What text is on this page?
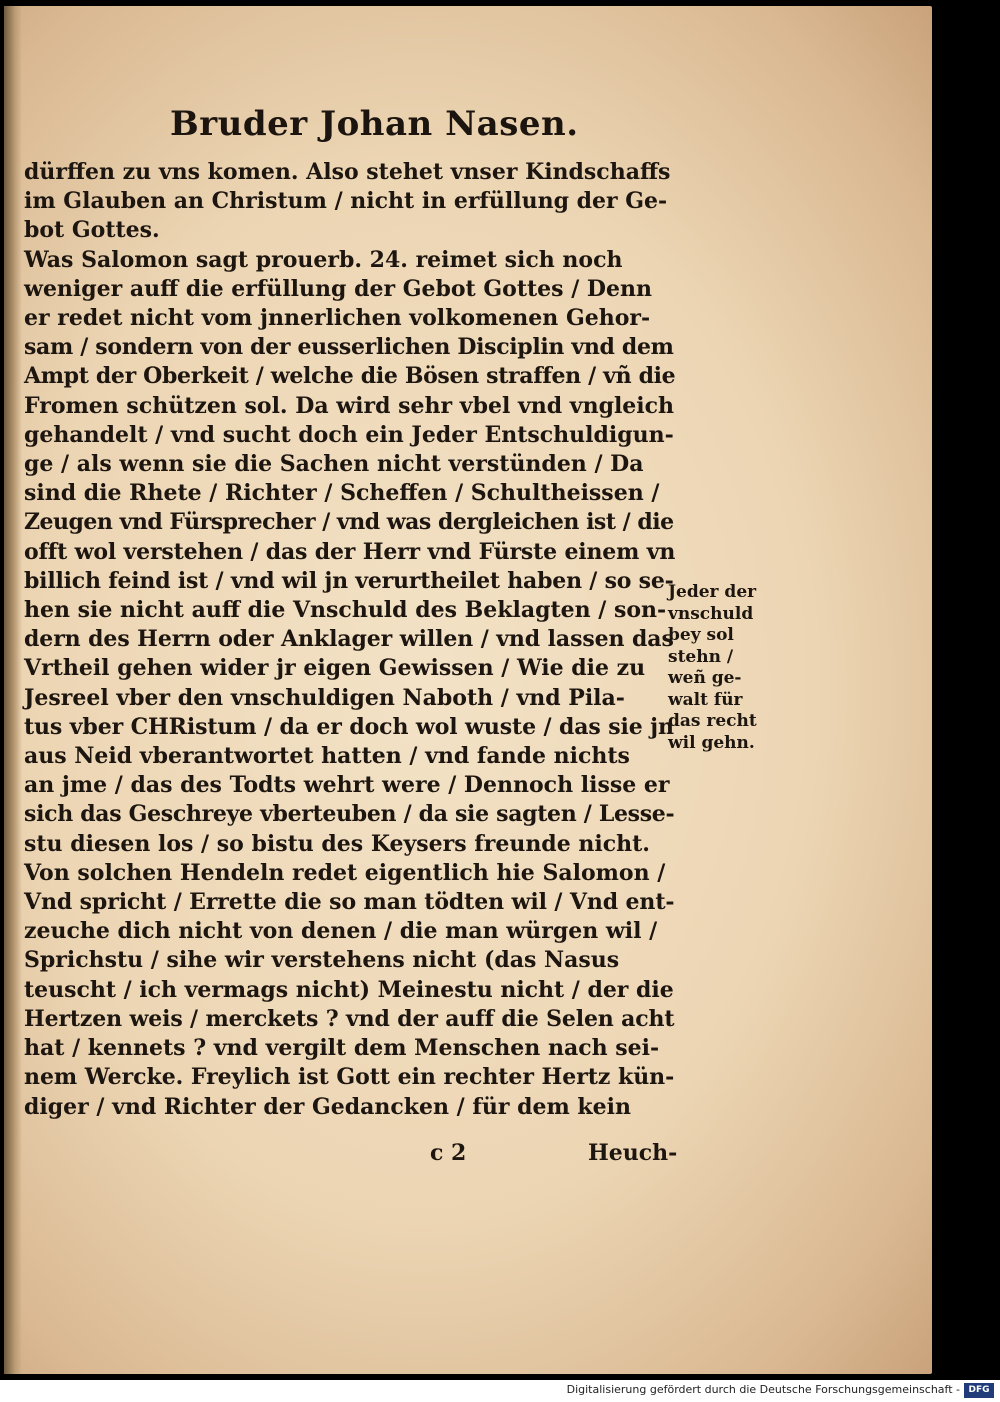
Bruder Johan Nasen.
dürffen zu vns komen. Also stehet vnser Kindschaffs
im Glauben an Christum / nicht in erfüllung der Ge-
bot Gottes.
Was Salomon sagt prouerb. 24. reimet sich noch
weniger auff die erfüllung der Gebot Gottes / Denn
er redet nicht vom jnnerlichen volkomenen Gehor-
sam / sondern von der eusserlichen Disciplin vnd dem
Ampt der Oberkeit / welche die Bösen straffen / vñ die
Fromen schützen sol. Da wird sehr vbel vnd vngleich
gehandelt / vnd sucht doch ein Jeder Entschuldigun-
ge / als wenn sie die Sachen nicht verstünden / Da
sind die Rhete / Richter / Scheffen / Schultheissen /
Zeugen vnd Fürsprecher / vnd was dergleichen ist / die
offt wol verstehen / das der Herr vnd Fürste einem vn
billich feind ist / vnd wil jn verurtheilet haben / so se-
hen sie nicht auff die Vnschuld des Beklagten / son-
dern des Herrn oder Anklager willen / vnd lassen das
Vrtheil gehen wider jr eigen Gewissen / Wie die zu
Jesreel vber den vnschuldigen Naboth / vnd Pila-
tus vber CHRistum / da er doch wol wuste / das sie jn
aus Neid vberantwortet hatten / vnd fande nichts
an jme / das des Todts wehrt were / Dennoch lisse er
sich das Geschreye vberteuben / da sie sagten / Lesse-
stu diesen los / so bistu des Keysers freunde nicht.
Von solchen Hendeln redet eigentlich hie Salomon /
Vnd spricht / Errette die so man tödten wil / Vnd ent-
zeuche dich nicht von denen / die man würgen wil /
Sprichstu / sihe wir verstehens nicht (das Nasus
teuscht / ich vermags nicht) Meinestu nicht / der die
Hertzen weis / merckets ? vnd der auff die Selen acht
hat / kennets ? vnd vergilt dem Menschen nach sei-
nem Wercke. Freylich ist Gott ein rechter Hertz kün-
diger / vnd Richter der Gedancken / für dem kein
Jeder der
vnschuld
bey sol
stehn /
weñ ge-
walt für
das recht
wil gehn.
c 2	Heuch-
Digitalisierung gefördert durch die Deutsche Forschungsgemeinschaft - DFG
